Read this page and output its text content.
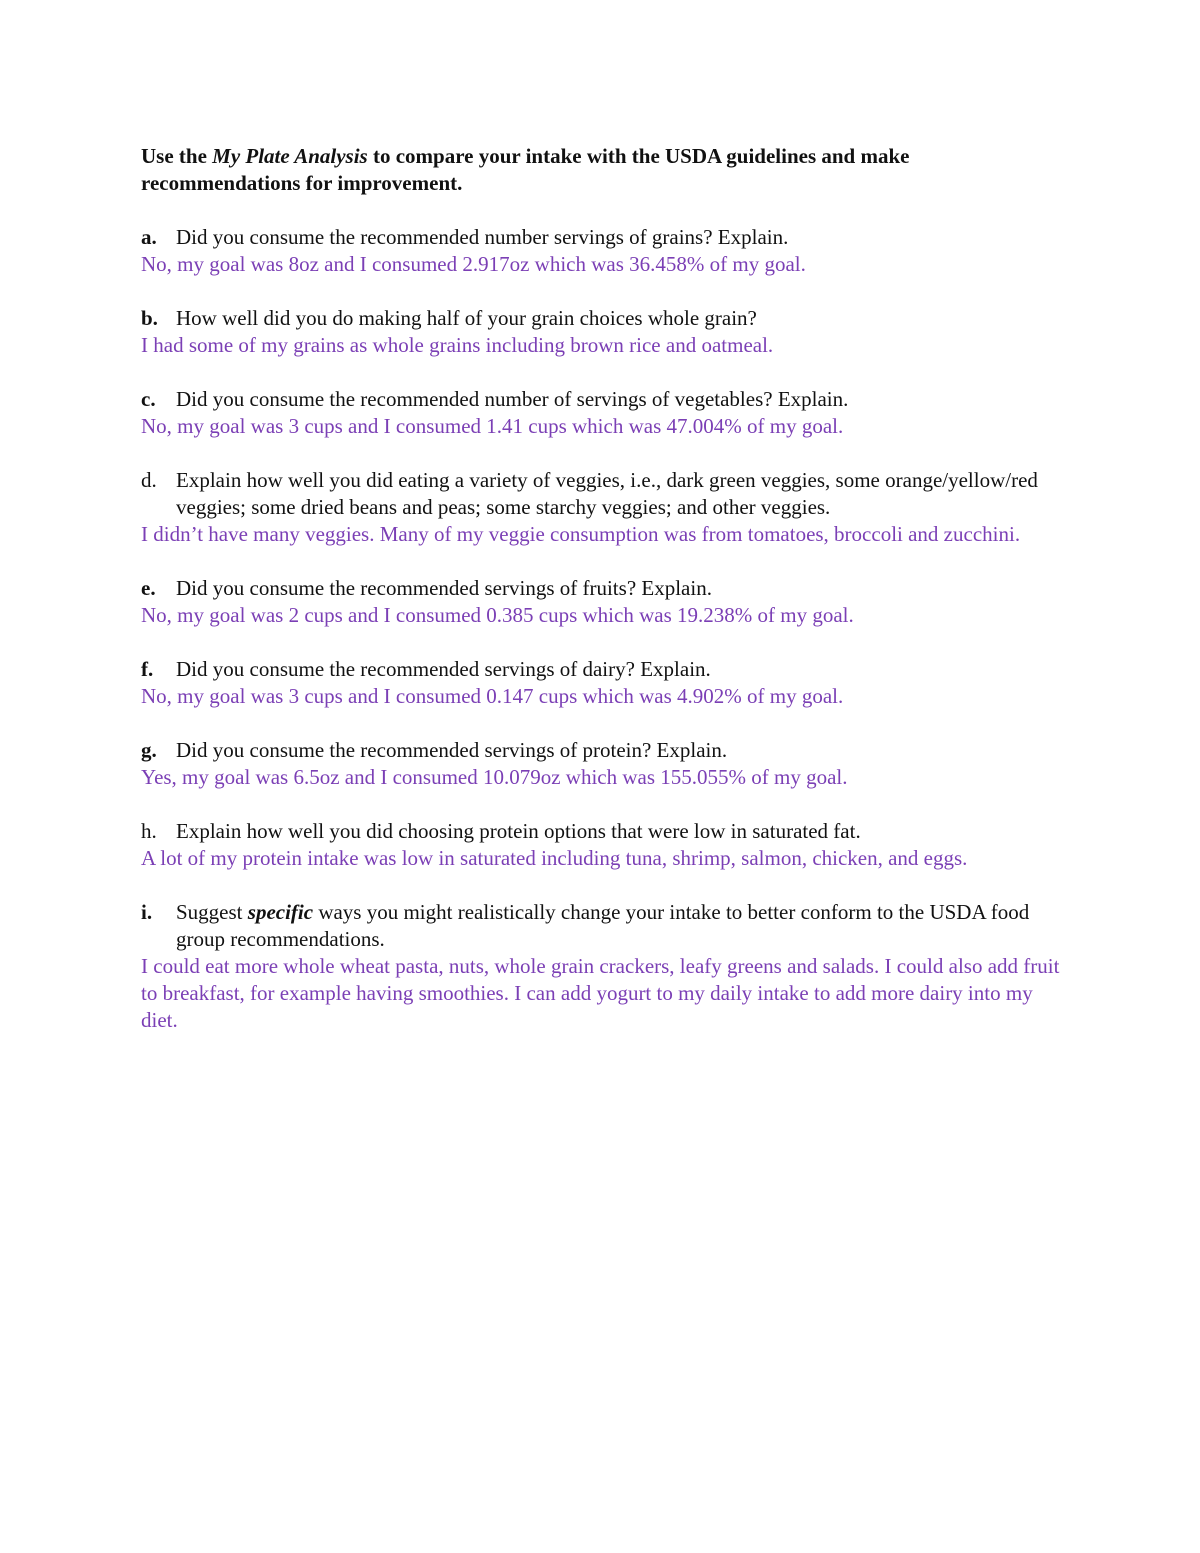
Use the My Plate Analysis to compare your intake with the USDA guidelines and make recommendations for improvement.

a. Did you consume the recommended number servings of grains? Explain.
No, my goal was 8oz and I consumed 2.917oz which was 36.458% of my goal.
b. How well did you do making half of your grain choices whole grain?
I had some of my grains as whole grains including brown rice and oatmeal.
c. Did you consume the recommended number of servings of vegetables? Explain.
No, my goal was 3 cups and I consumed 1.41 cups which was 47.004% of my goal.
d. Explain how well you did eating a variety of veggies, i.e., dark green veggies, some orange/yellow/red veggies; some dried beans and peas; some starchy veggies; and other veggies.
I didn’t have many veggies. Many of my veggie consumption was from tomatoes, broccoli and zucchini.
e. Did you consume the recommended servings of fruits? Explain.
No, my goal was 2 cups and I consumed 0.385 cups which was 19.238% of my goal.
f.	Did you consume the recommended servings of dairy? Explain.
No, my goal was 3 cups and I consumed 0.147 cups which was 4.902% of my goal.
g. Did you consume the recommended servings of protein? Explain.
Yes, my goal was 6.5oz and I consumed 10.079oz which was 155.055% of my goal.
h. Explain how well you did choosing protein options that were low in saturated fat.
A lot of my protein intake was low in saturated including tuna, shrimp, salmon, chicken, and eggs.
i.	Suggest specific ways you might realistically change your intake to better conform to the USDA food group recommendations.
I could eat more whole wheat pasta, nuts, whole grain crackers, leafy greens and salads. I could also add fruit to breakfast, for example having smoothies. I can add yogurt to my daily intake to add more dairy into my diet.
